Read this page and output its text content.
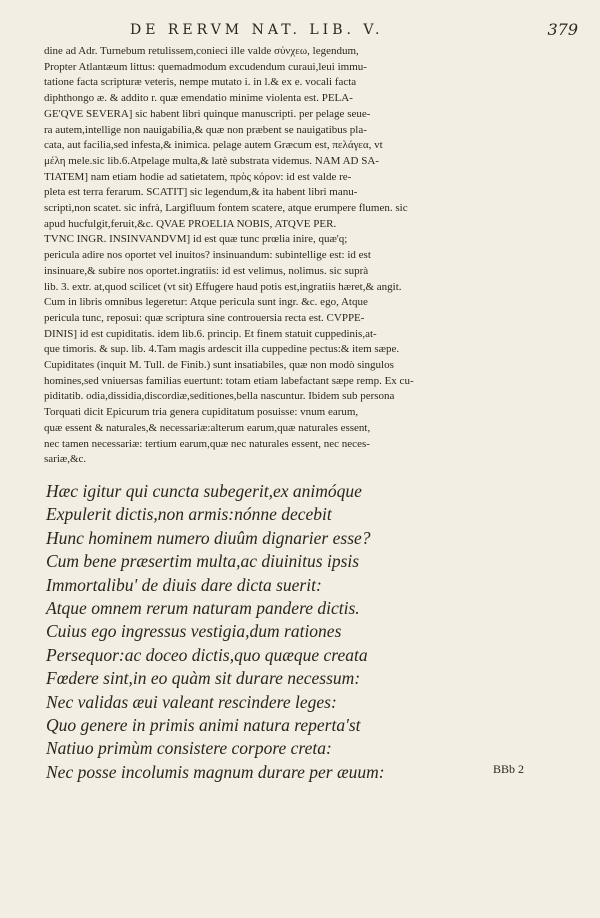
DE RERVM NAT. LIB. V.	379

dine ad Adr. Turnebum retulissem,conieci ille valde σύνχεω, legendum,

Propter Atlantæum littus: quemadmodum excudendum curaui,leui immu-

tatione facta scripturæ veteris, nempe mutato i. in l.& ex e. vocali facta

diphthongo æ. & addito r. quæ emendatio minime violenta est. PELA-

GE'QVE SEVERA] sic habent libri quinque manuscripti. per pelage seue-

ra autem,intellige non nauigabilia,& quæ non præbent se nauigatibus pla-

cata, aut facilia,sed infesta,& inimica. pelage autem Græcum est, πελάγεα, vt

μέλη mele.sic lib.6.Atpelage multa,& latè substrata videmus. NAM AD SA-

TIATEM] nam etiam hodie ad satietatem, πρὸς κόρον: id est valde re-

pleta est terra ferarum. SCATIT] sic legendum,& ita habent libri manu-

scripti,non scatet. sic infrà, Largifluum fontem scatere, atque erumpere flumen. sic

apud hucfulgit,feruit,&c. QVAE PROELIA NOBIS, ATQVE PER.

TVNC INGR. INSINVANDVM] id est quæ tunc prœlia inire, quæ'q;

pericula adire nos oportet vel inuitos? insinuandum: subintellige est: id est

insinuare,& subire nos oportet.ingratiis: id est velimus, nolimus. sic suprà

lib. 3. extr. at,quod scilicet (vt sit) Effugere haud potis est,ingratiis hæret,& angit.

Cum in libris omnibus legeretur: Atque pericula sunt ingr. &c. ego, Atque

pericula tunc, reposui: quæ scriptura sine controuersia recta est. CVPPE-

DINIS] id est cupiditatis. idem lib.6. princip. Et finem statuit cuppedinis,at-

que timoris. & sup. lib. 4.Tam magis ardescit illa cuppedine pectus:& item sæpe.

Cupiditates (inquit M. Tull. de Finib.) sunt insatiabiles, quæ non modò singulos

homines,sed vniuersas familias euertunt: totam etiam labefactant sæpe remp. Ex cu-

piditatib. odia,dissidia,discordiæ,seditiones,bella nascuntur. Ibidem sub persona

Torquati dicit Epicurum tria genera cupiditatum posuisse: vnum earum,

quæ essent & naturales,& necessariæ:alterum earum,quæ naturales essent,

nec tamen necessariæ: tertium earum,quæ nec naturales essent, nec neces-

sariæ,&c.

Hæc igitur qui cuncta subegerit,ex animóque
Expulerit dictis,non armis:nónne decebit
Hunc hominem numero diuûm dignarier esse?
Cum bene præsertim multa,ac diuinitus ipsis
Immortalibu' de diuis dare dicta suerit:
Atque omnem rerum naturam pandere dictis.
Cuius ego ingressus vestigia,dum rationes
Persequor:ac doceo dictis,quo quæque creata
Fœdere sint,in eo quàm sit durare necessum:
Nec validas æui valeant rescindere leges:
Quo genere in primis animi natura reperta'st
Natiuo primùm consistere corpore creta:
Nec posse incolumis magnum durare per æuum:	BBb 2
